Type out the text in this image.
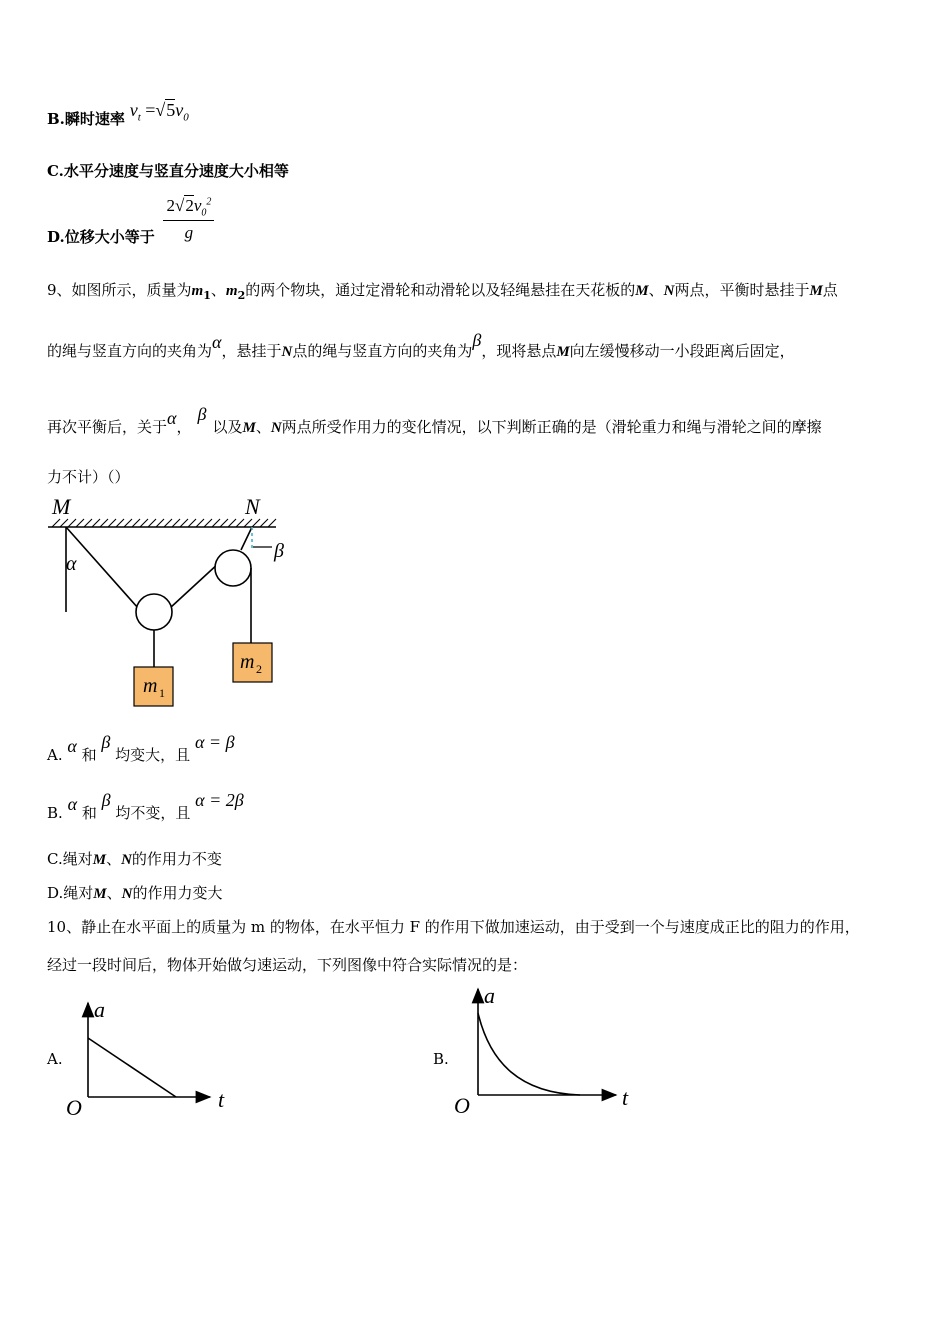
B.瞬时速率 $v_t =√5v_0$
C.水平分速度与竖直分速度大小相等
D.位移大小等于 $\frac{2√2v_0^2}{g}$
9、如图所示，质量为$m_1$、$m_2$的两个物块，通过定滑轮和动滑轮以及轻绳悬挂在天花板的M、N两点，平衡时悬挂于M点
的绳与竖直方向的夹角为α，悬挂于N点的绳与竖直方向的夹角为β，现将悬点M向左缓慢移动一小段距离后固定，
再次平衡后，关于α，β以及M、N两点所受作用力的变化情况，以下判断正确的是（滑轮重力和绳与滑轮之间的摩擦
力不计）（）
M	N
α
β
m 1
m 2
A. α 和 β 均变大，且 α = β
B. α 和 β 均不变，且 α = 2β
C.绳对M、N的作用力不变
D.绳对M、N的作用力变大
10、静止在水平面上的质量为 m 的物体，在水平恒力 F 的作用下做加速运动，由于受到一个与速度成正比的阻力的作用，
经过一段时间后，物体开始做匀速运动，下列图像中符合实际情况的是：
A.
a
t
O
B.
a
t
O
